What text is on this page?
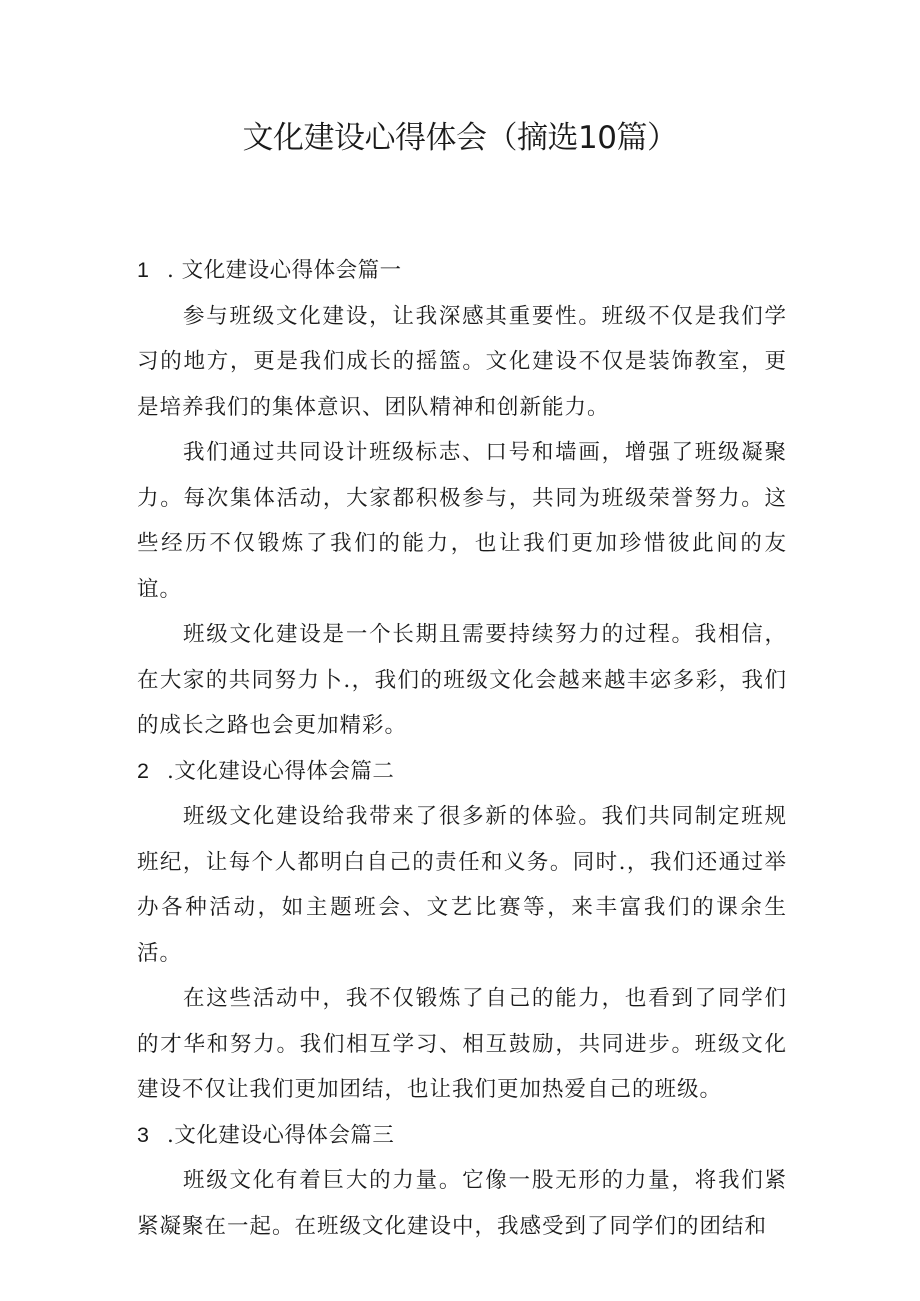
文化建设心得体会（摘选10篇）
1 . 文化建设心得体会篇一

参与班级文化建设，让我深感其重要性。班级不仅是我们学习的地方，更是我们成长的摇篮。文化建设不仅是装饰教室，更是培养我们的集体意识、团队精神和创新能力。

我们通过共同设计班级标志、口号和墙画，增强了班级凝聚力。每次集体活动，大家都积极参与，共同为班级荣誉努力。这些经历不仅锻炼了我们的能力，也让我们更加珍惜彼此间的友谊。

班级文化建设是一个长期且需要持续努力的过程。我相信，在大家的共同努力卜.，我们的班级文化会越来越丰宓多彩，我们的成长之路也会更加精彩。

2 .文化建设心得体会篇二

班级文化建设给我带来了很多新的体验。我们共同制定班规班纪，让每个人都明白自己的责任和义务。同时.，我们还通过举办各种活动，如主题班会、文艺比赛等，来丰富我们的课余生活。

在这些活动中，我不仅锻炼了自己的能力，也看到了同学们的才华和努力。我们相互学习、相互鼓励，共同进步。班级文化建设不仅让我们更加团结，也让我们更加热爱自己的班级。

3 .文化建设心得体会篇三

班级文化有着巨大的力量。它像一股无形的力量，将我们紧紧凝聚在一起。在班级文化建设中，我感受到了同学们的团结和
